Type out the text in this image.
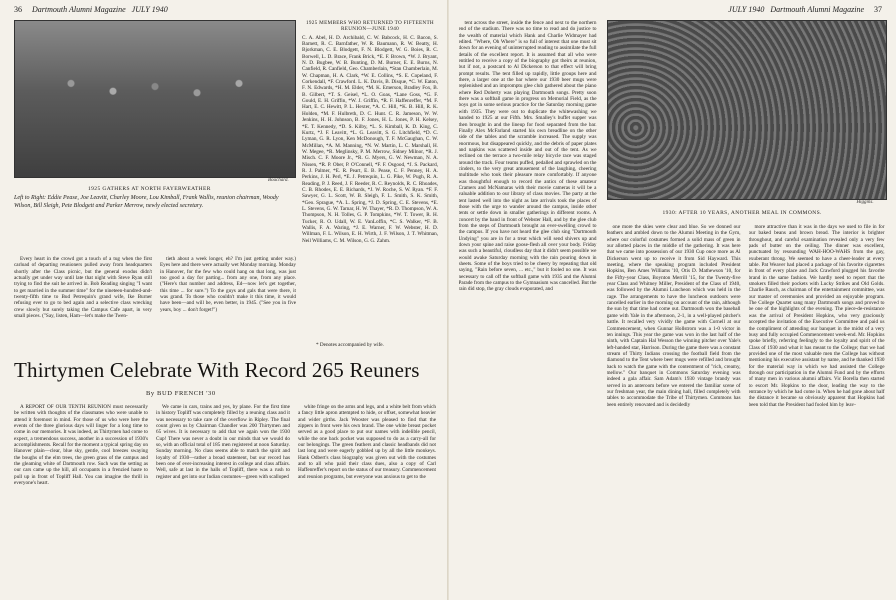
36 Dartmouth Alumni Magazine JULY 1940
Bouchard.
1925 GATHERS AT NORTH FAYERWEATHER
Left to Right: Eddie Pease, Joe Leavitt, Charley Moore, Lou Kimball, Frank Wallis, reunion chairman, Woody Wilson, Bill Sleigh, Pete Blodgett and Parker Merrow, newly elected secretary.
1925 MEMBERS WHO RETURNED TO FIFTEENTH REUNION—JUNE 1940
C. A. Abel, H. D. Archibald, C. W. Babcock, H. C. Bacon, S. Barnett, R. C. Barnfather, W. R. Baumann, R. W. Beatty, H. Bjorkman, C. E. Blodgett, F. N. Blodgett, W. G. Boies, R. C. Borwell, L. D. Brace, Frank Brick, *E. F. Brown, *W. J. Bryant, N. D. Bugbee, W. B. Bunting, D. M. Burner, E. E. Burns, N. Canfield, R. Canfield, Geo. Chamberlain, *Stan Chamberlain, M. W. Chapman, H. A. Clark, *W. E. Collins, *S. E. Copeland, F. Corkendall, *F. Crawford. L. K. Davis, B. Disque, *C. W. Eaton, F. N. Edwards, *H. M. Elder, *M. K. Emerson, Bradley Fox, B. B. Gilbert, *T. S. Geisel, *L. O. Goas, *Lane Goss, *G. F. Gould, E. H. Griffin, *W. J. Griffin, *R. F. Haffenreffer, *M. F. Hart, E. C. Hewitt, P. L. Hexter, *A. C. Hill, *K. B. Hill, R. K. Holden, *M. F. Hulbreth, D. C. Hunt. C. R. Jameson, W. W. Jenkins, H. H. Johnson, B. F. Jones, H. L. Jones, P. H. Kelsey, *E. T. Kennedy, *D. S. Kilby, *L. S. Kimball, K. D. King, C. Kurtz, *J. F. Leavitt, *L. G. Leavitt, S. G. Litchfield, *D. C. Lyman, G. R. Lyon, Ken McDonough, T. F. McGaughan, C. W. McMillan, *A. M. Manning, *N. W. Martin, L. C. Marshall, H. W. Megee, *R. Meglinsky, P. M. Merrow, Sidney Milnor, *R. J. Misch. C. F. Moore Jr., *R. G. Myers, G. W. Newman, N. A. Nissen, *R. P. Ober, P. O'Connell, *F. F. Osgood, *J. S. Packard, R. J. Palmer, *E. R. Peart, E. B. Pease, C. F. Penney, H. A. Perkins, J. H. Perl, *E. J. Petrequin, L. G. Pike, W. Pugh, R. A. Reading, P. J. Reed, J. F. Reeder, R. C. Reynolds, R. C. Rhoades, C. B. Rhodes, E. E. Richards, *J. W. Roche, S. W. Ryan. *F. F. Sawyer, G. L. Scott, W. B. Sleigh, F. L. Smith, S. K. Smith, *Geo. Sprague, *A. L. Spring, *J. D. Spring, C. E. Stevens, *E. L. Stevens, G. W. Tarnar, H. W. Thayer, *R. D. Thompson, W. A. Thompson, N. H. Tolles, G. P. Tompkins, *W. T. Tower, R. H. Tucker, R. O. Udall, W. E. VanLoffin, *C. S. Walker, *F. B. Wallis, F. A. Waring, *J. E. Warner, F. W. Webster, H. D. Willman, F. L. Wilson, E. H. Wirth, J. F. Wilson, J. T. Whitman, Neil Williams, C. M. Wilson, G. G. Zahm.
* Denotes accompanied by wife.

Every heart in the crowd got a touch of a tug when the first carload of departing reunioners pulled away from headquarters shortly after the Class picnic, but the general exodus didn't actually get under way until late that night with Steve Ryan still trying to find the suit he arrived in. Bob Reading singing "I want to get married in the summer time" for the nineteen-hundred-and-twenty-fifth time to Bud Petrequin's grand wife, Ike Burner refusing ever to go to bed again and a selective class wrecking crew slowly but surely taking the Campus Cafe apart, in very small pieces. ("Say, listen, Ham—let's make the Twen-

tieth about a week longer, eh? I'm just getting under way.) Eyes here and there were actually wet Monday morning. Monday in Hanover, for the few who could hang on that long, was just too good a day for parting... from any one, from any place. ("Here's that number and address, Ed—now let's get together, this time ... for sure.") To the guys and gals that were there, it was grand. To those who couldn't make it this time, it would have been—and will be, even better, in 1945. ("See you in five years, boy ... don't forget!")

Thirtymen Celebrate With Record 265 Reuners
By BUD FRENCH '30

A REPORT OF OUR TENTH REUNION must necessarily be written with thoughts of the classmates who were unable to attend it foremost in mind. For those of us who were here the events of the three glorious days will linger for a long time to come in our memories. It was indeed, as Thirtymen had come to expect, a tremendous success, another in a succession of 1930's accomplishments. Recall for the moment a typical spring day on Hanover plain—clear, blue sky, gentle, cool breezes swaying the boughs of the elm trees, the green grass of the campus and the gleaming white of Dartmouth row. Such was the setting as our cars came up the hill, all occupants in a frenzied haste to pull up in front of Topliff Hall. You can imagine the thrill in everyone's heart.

We came in cars, trains and yes, by plane. For the first time in history Topliff was completely filled by a reuning class and it was necessary to take care of the overflow in Ripley. The final count given us by Chairman Chandler was 200 Thirtymen and 65 wives. It is necessary to add that we again won the 1930 Cup! There was never a doubt in our minds that we would do so, with an official total of 185 men registered at noon Saturday. Sunday morning. No class seems able to match the spirit and loyalty of 1930—rather a broad statement, but our record has been one of ever-increasing interest in college and class affairs. Well, safe at last in the halls of Topliff, there was a rush to register and get into our Indian costumes—green with scalloped

white fringe on the arms and legs, and a white belt from which a fancy little apron attempted to hide, or offset, somewhat heavier and wider girths. Jack Wooster was pleased to find that the zippers in front were his own brand. The one white breast pocket served as a good place to put our names with indelible pencil, while the one back pocket was supposed to do as a carry-all for our belongings. The green feathers and classic headbands did not last long and were eagerly gobbled up by all the little monkeys. Hank Odbert's class biography was given out with the costumes and to all who paid their class dues, also a copy of Carl Haffenreffer's report on the status of our treasury. Commencement and reunion programs, but everyone was anxious to get to the

JULY 1940 Dartmouth Alumni Magazine 37

tent across the street, inside the fence and next to the northern end of the stadium. There was no time to read and do justice to the wealth of material which Hank and Charlie Widmayer had edited. "Where, Oh Where" is so full of interest that one must sit down for an evening of uninterrupted reading to assimilate the full details of the excellent report. It is assumed that all who were entitled to receive a copy of the biography got theirs at reunion, but if not, a postcard to Al Dickerson to that effect will bring prompt results. The tent filled up rapidly, little groups here and there, a larger one at the bar where our 1930 beer mugs were replenished and an impromptu glee club gathered about the piano where Red Doherty was playing Dartmouth songs. Pretty soon there was a softball game in progress on Memorial Field, as the boys got in some serious practice for the Saturday morning game with 1935. They were out to duplicate the whitewashing we handed to 1925 at our Fifth. Mrs. Smalley's buffet supper was then brought in and the lineup for food separated from the bar. Finally Alex McFarland started his own breadline on the other side of the tables and the scramble increased. The supply was enormous, but disappeared quickly, and the debris of paper plates and napkins was scattered inside and out of the tent. As we reclined on the terrace a two-mile relay bicycle race was staged around the track. Four teams puffed, pedalled and sprawled on the cinders, to the very great amusement of the laughing, cheering multitude who took their pleasure more comfortably. If anyone was thoughtful enough to record the antics of these amateur Cramers and McNamaras with their movie cameras it will be a valuable addition to our library of class movies. The party at the tent lasted well into the night as late arrivals took the places of those with the urge to wander around the campus, inside other tents or settle down in smaller gatherings in different rooms. A concert by the band in front of Webster Hall, and by the glee club from the steps of Dartmouth brought an ever-swelling crowd to the campus. If you have not heard the glee club sing "Dartmouth Undying" you are in for a treat which will send shivers up and down your spine and raise goose-flesh all over your body. Friday was such a beautiful, cloudless day that it didn't seem possible we would awake Saturday morning with the rain pouring down in sheets. Some of the boys tried to be cheery by repeating that old saying, "Rain before seven, ... etc.," but it fooled no one. It was necessary to call off the softball game with 1935 and the Alumni Parade from the campus to the Gymnasium was cancelled. But the rain did stop, the gray clouds evaporated, and

Higgins.
1930: AFTER 10 YEARS, ANOTHER MEAL IN COMMONS.

one more the skies were clear and blue. So we donned our feathers and ambled down to the Alumni Meeting in the Gym, where our colorful costumes formed a solid mass of green in our allotted places in the middle of the gathering. It was here that we came into possession of our 1930 Cup once more as Al Dickerson went up to receive it from Sid Hayward. This meeting, where the speaking program included President Hopkins, Ben Ames Williams '10, Otis D. Mathewson '10, for the Fifty-year Class, Boynton Merrill '15, for the Twenty-five year Class and Whitney Miller, President of the Class of 1940, was followed by the Alumni Luncheon which was held in the cage. The arrangements to have the luncheon outdoors were cancelled earlier in the morning on account of the rain, although the sun by that time had come out. Dartmouth won the baseball game with Yale in the afternoon, 2-1, in a well-played pitcher's battle. It recalled very vividly the game with Cornell at our Commencement, when Gunnar Hollstrom was a 1-0 victor in ten innings. This year the game was won in the last half of the ninth, with Captain Hal Wesson the winning pitcher over Yale's left-handed star, Harrison. During the game there was a constant stream of Thirty Indians crossing the football field from the diamond to the Tent where beer mugs were refilled and brought back to watch the game with the contentment of "rich, creamy, mellow." Our banquet in Commons Saturday evening was indeed a gala affair. Sam Adam's 1930 vintage brandy was served in an anteroom before we entered the familiar scene of our freshman year, the main dining hall, filled completely with tables to accommodate the Tribe of Thirtymen. Commons has been entirely renovated and is decidedly

more attractive than it was in the days we used to file in for our baked beans and brown bread. The interior is brighter throughout, and careful examination revealed only a very few pads of butter on the ceiling. The dinner was excellent, punctuated by resounding WAH-HOO-WAHS from the gay, exuberant throng. We seemed to have a cheer-leader at every table. Pat Weaver had placed a package of his favorite cigarettes in front of every place and Jack Crawford plugged his favorite brand in the same fashion. We hardly need to report that the smokers filled their pockets with Lucky Strikes and Old Golds. Charlie Rauch, as chairman of the entertainment committee, was our master of ceremonies and provided an enjoyable program. The College Quartet sang many Dartmouth songs and proved to be one of the highlights of the evening. The piece-de-resistance was the arrival of President Hopkins, who very graciously accepted the invitation of the Executive Committee and paid us the compliment of attending our banquet in the midst of a very busy and fully occupied Commencement week-end. Mr. Hopkins spoke briefly, referring feelingly to the loyalty and spirit of the Class of 1930 and what it has meant to the College; that we had provided one of the most valuable men the College has without mentioning his executive assistant by name, and he thanked 1930 for the material way in which we had assisted the College through our participation in the Alumni Fund and by the efforts of many men in various alumni affairs. Vic Borella then started to escort Mr. Hopkins to the door, leading the way to the entrance by which he had come in. When he had gone about half the distance it became so obviously apparent that Hopkins had been told that the President had fooled him by leav-
